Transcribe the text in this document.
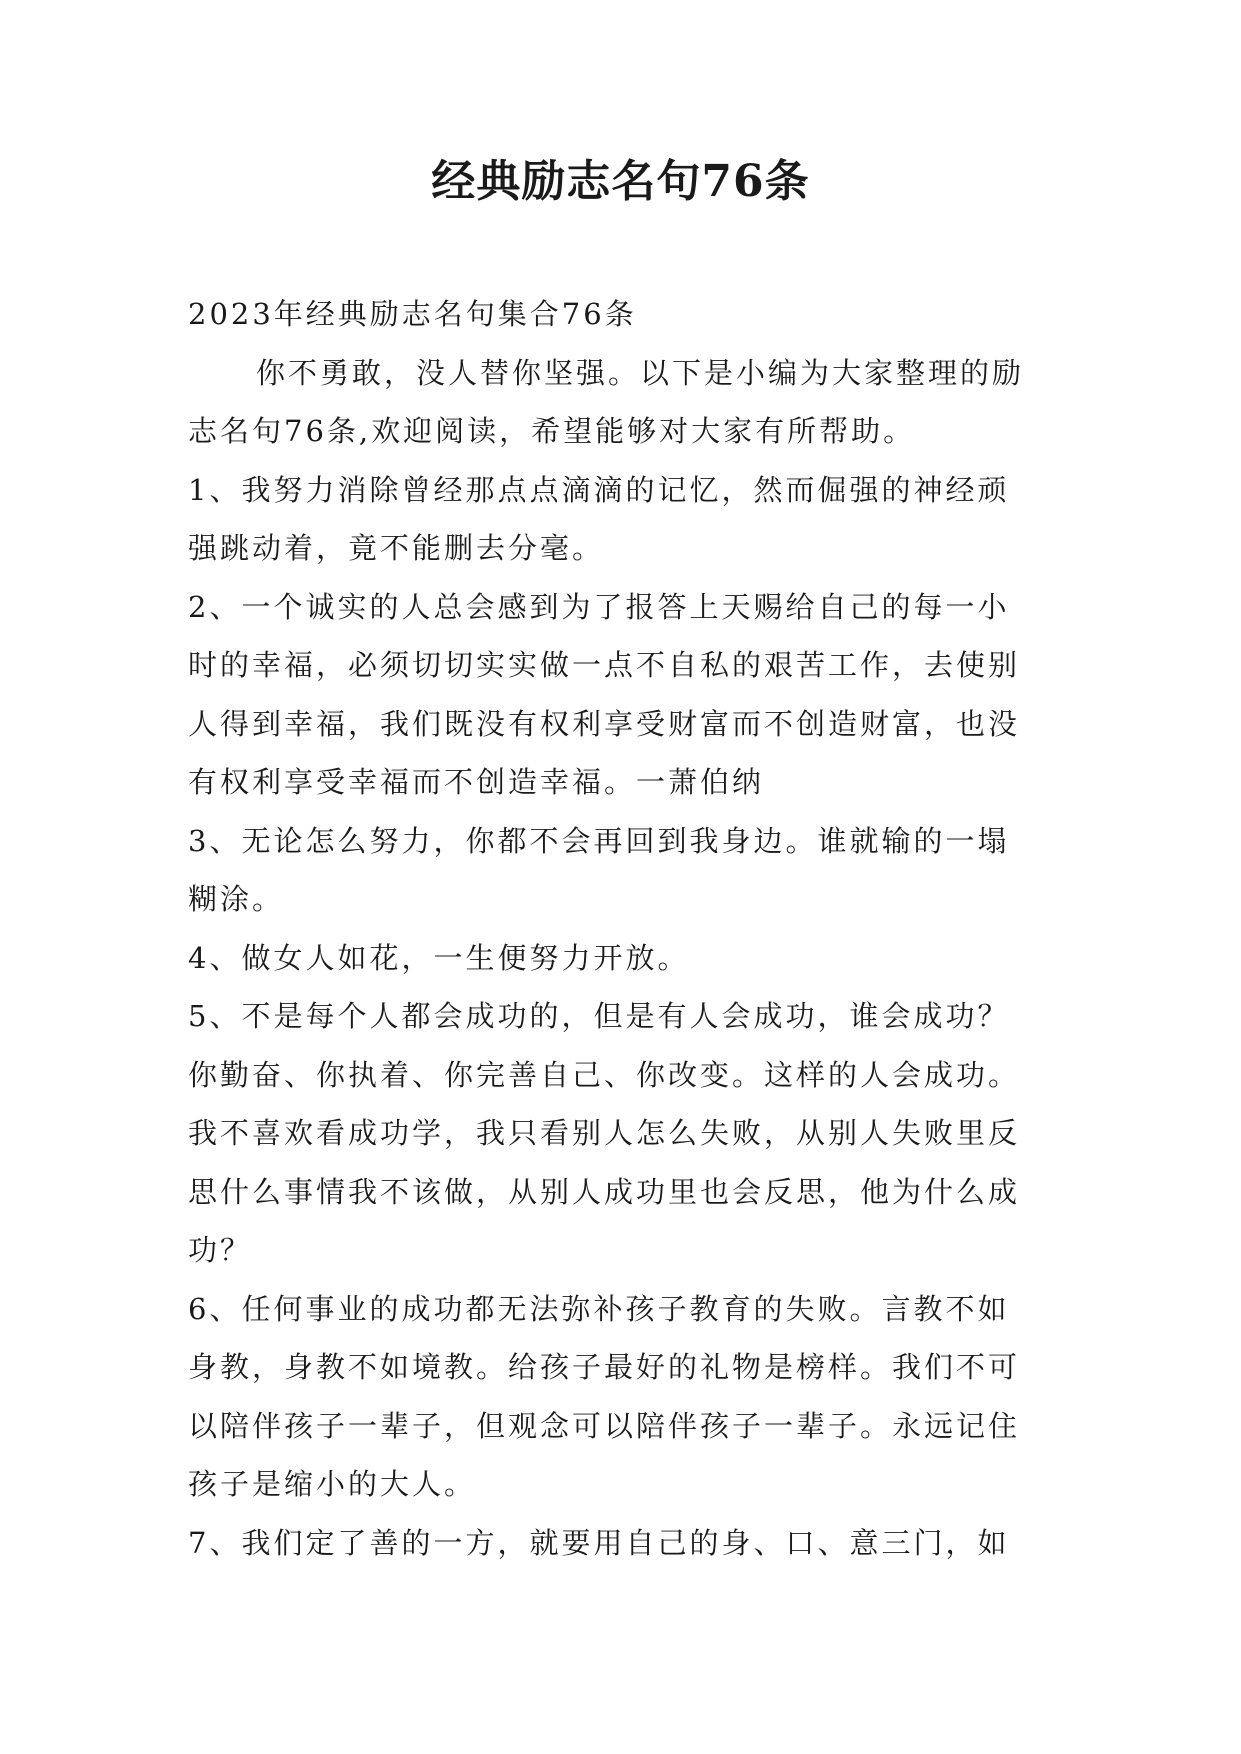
经典励志名句76条
2023年经典励志名句集合76条
你不勇敢，没人替你坚强。以下是小编为大家整理的励
志名句76条,欢迎阅读，希望能够对大家有所帮助。
1、我努力消除曾经那点点滴滴的记忆，然而倔强的神经顽
强跳动着，竟不能删去分毫。
2、一个诚实的人总会感到为了报答上天赐给自己的每一小
时的幸福，必须切切实实做一点不自私的艰苦工作，去使别
人得到幸福，我们既没有权利享受财富而不创造财富，也没
有权利享受幸福而不创造幸福。一萧伯纳
3、无论怎么努力，你都不会再回到我身边。谁就输的一塌
糊涂。
4、做女人如花，一生便努力开放。
5、不是每个人都会成功的，但是有人会成功，谁会成功？
你勤奋、你执着、你完善自己、你改变。这样的人会成功。
我不喜欢看成功学，我只看别人怎么失败，从别人失败里反
思什么事情我不该做，从别人成功里也会反思，他为什么成
功？
6、任何事业的成功都无法弥补孩子教育的失败。言教不如
身教，身教不如境教。给孩子最好的礼物是榜样。我们不可
以陪伴孩子一辈子，但观念可以陪伴孩子一辈子。永远记住
孩子是缩小的大人。
7、我们定了善的一方，就要用自己的身、口、意三门，如
